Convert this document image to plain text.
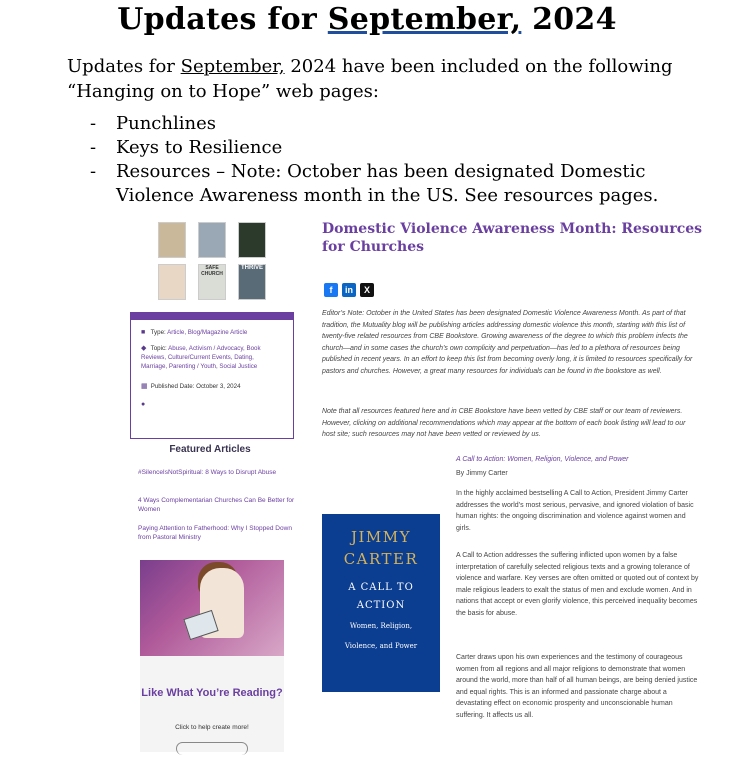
Updates for September, 2024
Updates for September, 2024 have been included on the following “Hanging on to Hope” web pages:
- Punchlines
- Keys to Resilience
- Resources – Note: October has been designated Domestic Violence Awareness month in the US. See resources pages.
SAFE CHURCH
THRIVE
■ Type: Article, Blog/Magazine Article
◆ Topic: Abuse, Activism / Advocacy, Book Reviews, Culture/Current Events, Dating, Marriage, Parenting / Youth, Social Justice
▦ Published Date: October 3, 2024
●
Featured Articles
#SilenceIsNotSpiritual: 8 Ways to Disrupt Abuse
4 Ways Complementarian Churches Can Be Better for Women
Paying Attention to Fatherhood: Why I Stopped Down from Pastoral Ministry
Like What You’re Reading?
Click to help create more!
Domestic Violence Awareness Month: Resources for Churches
f in X
Editor’s Note: October in the United States has been designated Domestic Violence Awareness Month. As part of that tradition, the Mutuality blog will be publishing articles addressing domestic violence this month, starting with this list of twenty-five related resources from CBE Bookstore. Growing awareness of the degree to which this problem infects the church—and in some cases the church’s own complicity and perpetuation—has led to a plethora of resources being published in recent years. In an effort to keep this list from becoming overly long, it is limited to resources specifically for pastors and churches. However, a great many resources for individuals can be found in the bookstore as well.
Note that all resources featured here and in CBE Bookstore have been vetted by CBE staff or our team of reviewers. However, clicking on additional recommendations which may appear at the bottom of each book listing will lead to our host site; such resources may not have been vetted or reviewed by us.
A Call to Action: Women, Religion, Violence, and Power
By Jimmy Carter
In the highly acclaimed bestselling A Call to Action, President Jimmy Carter addresses the world’s most serious, pervasive, and ignored violation of basic human rights: the ongoing discrimination and violence against women and girls.
JIMMY
CARTER
A CALL TO
ACTION
Women, Religion,
Violence, and Power
A Call to Action addresses the suffering inflicted upon women by a false interpretation of carefully selected religious texts and a growing tolerance of violence and warfare. Key verses are often omitted or quoted out of context by male religious leaders to exalt the status of men and exclude women. And in nations that accept or even glorify violence, this perceived inequality becomes the basis for abuse.
Carter draws upon his own experiences and the testimony of courageous women from all regions and all major religions to demonstrate that women around the world, more than half of all human beings, are being denied justice and equal rights. This is an informed and passionate charge about a devastating effect on economic prosperity and unconscionable human suffering. It affects us all.
